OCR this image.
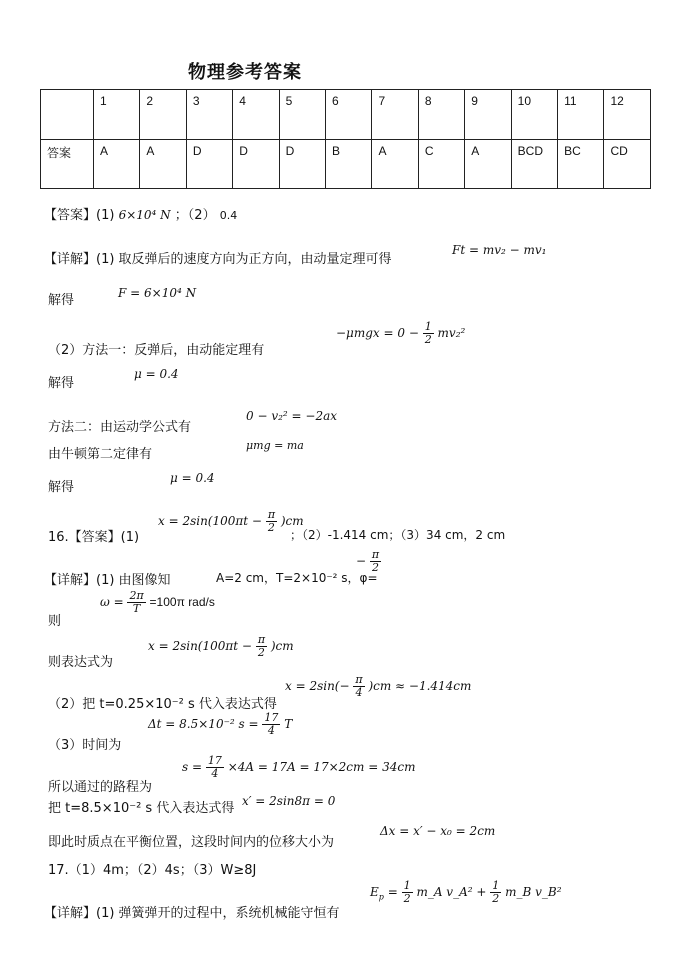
物理参考答案
	1	2	3	4	5	6	7	8	9	10	11	12
答案	A	A	D	D	D	B	A	C	A	BCD	BC	CD
【答案】(1) 6×10⁴ N ；（2） 0.4
【详解】(1) 取反弹后的速度方向为正方向，由动量定理可得
Ft = mv₂ − mv₁
解得	F = 6×10⁴ N
（2）方法一：反弹后，由动能定理有
$-\mu mgx = 0 - \frac{1}{2} mv_2^2$
解得
μ = 0.4
方法二：由运动学公式有
0 − v₂² = −2ax
由牛顿第二定律有
μmg = ma
解得
μ = 0.4
16.【答案】(1)
$x = 2\sin(100\pi t - \frac{\pi}{2} )cm$
；（2）-1.414 cm；（3）34 cm，2 cm
【详解】(1) 由图像知	A=2 cm，T=2×10⁻² s，φ=
− $\frac{\pi}{2}$
则
$\omega = \frac{2\pi}{T} =100\pi$ rad/s
则表达式为
$x = 2\sin(100\pi t - \frac{\pi}{2} )cm$
（2）把 t=0.25×10⁻² s 代入表达式得
$x = 2\sin(- \frac{\pi}{4} )cm \approx -1.414cm$
（3）时间为
Δt = 8.5×10⁻² $s = \frac{17}{4}$ T
所以通过的路程为
$s = \frac{17}{4} \times 4A = 17A = 17\times 2cm = 34cm$
把 t=8.5×10⁻² s 代入表达式得 x′ = 2sin8π = 0
即此时质点在平衡位置，这段时间内的位移大小为
Δx = x′ − x₀ = 2cm
17.（1）4m；（2）4s；（3）W≥8J
【详解】(1) 弹簧弹开的过程中，系统机械能守恒有
$E_p = \frac{1}{2}$ m_A v_A² + $\frac{1}{2}$ m_B v_B²
